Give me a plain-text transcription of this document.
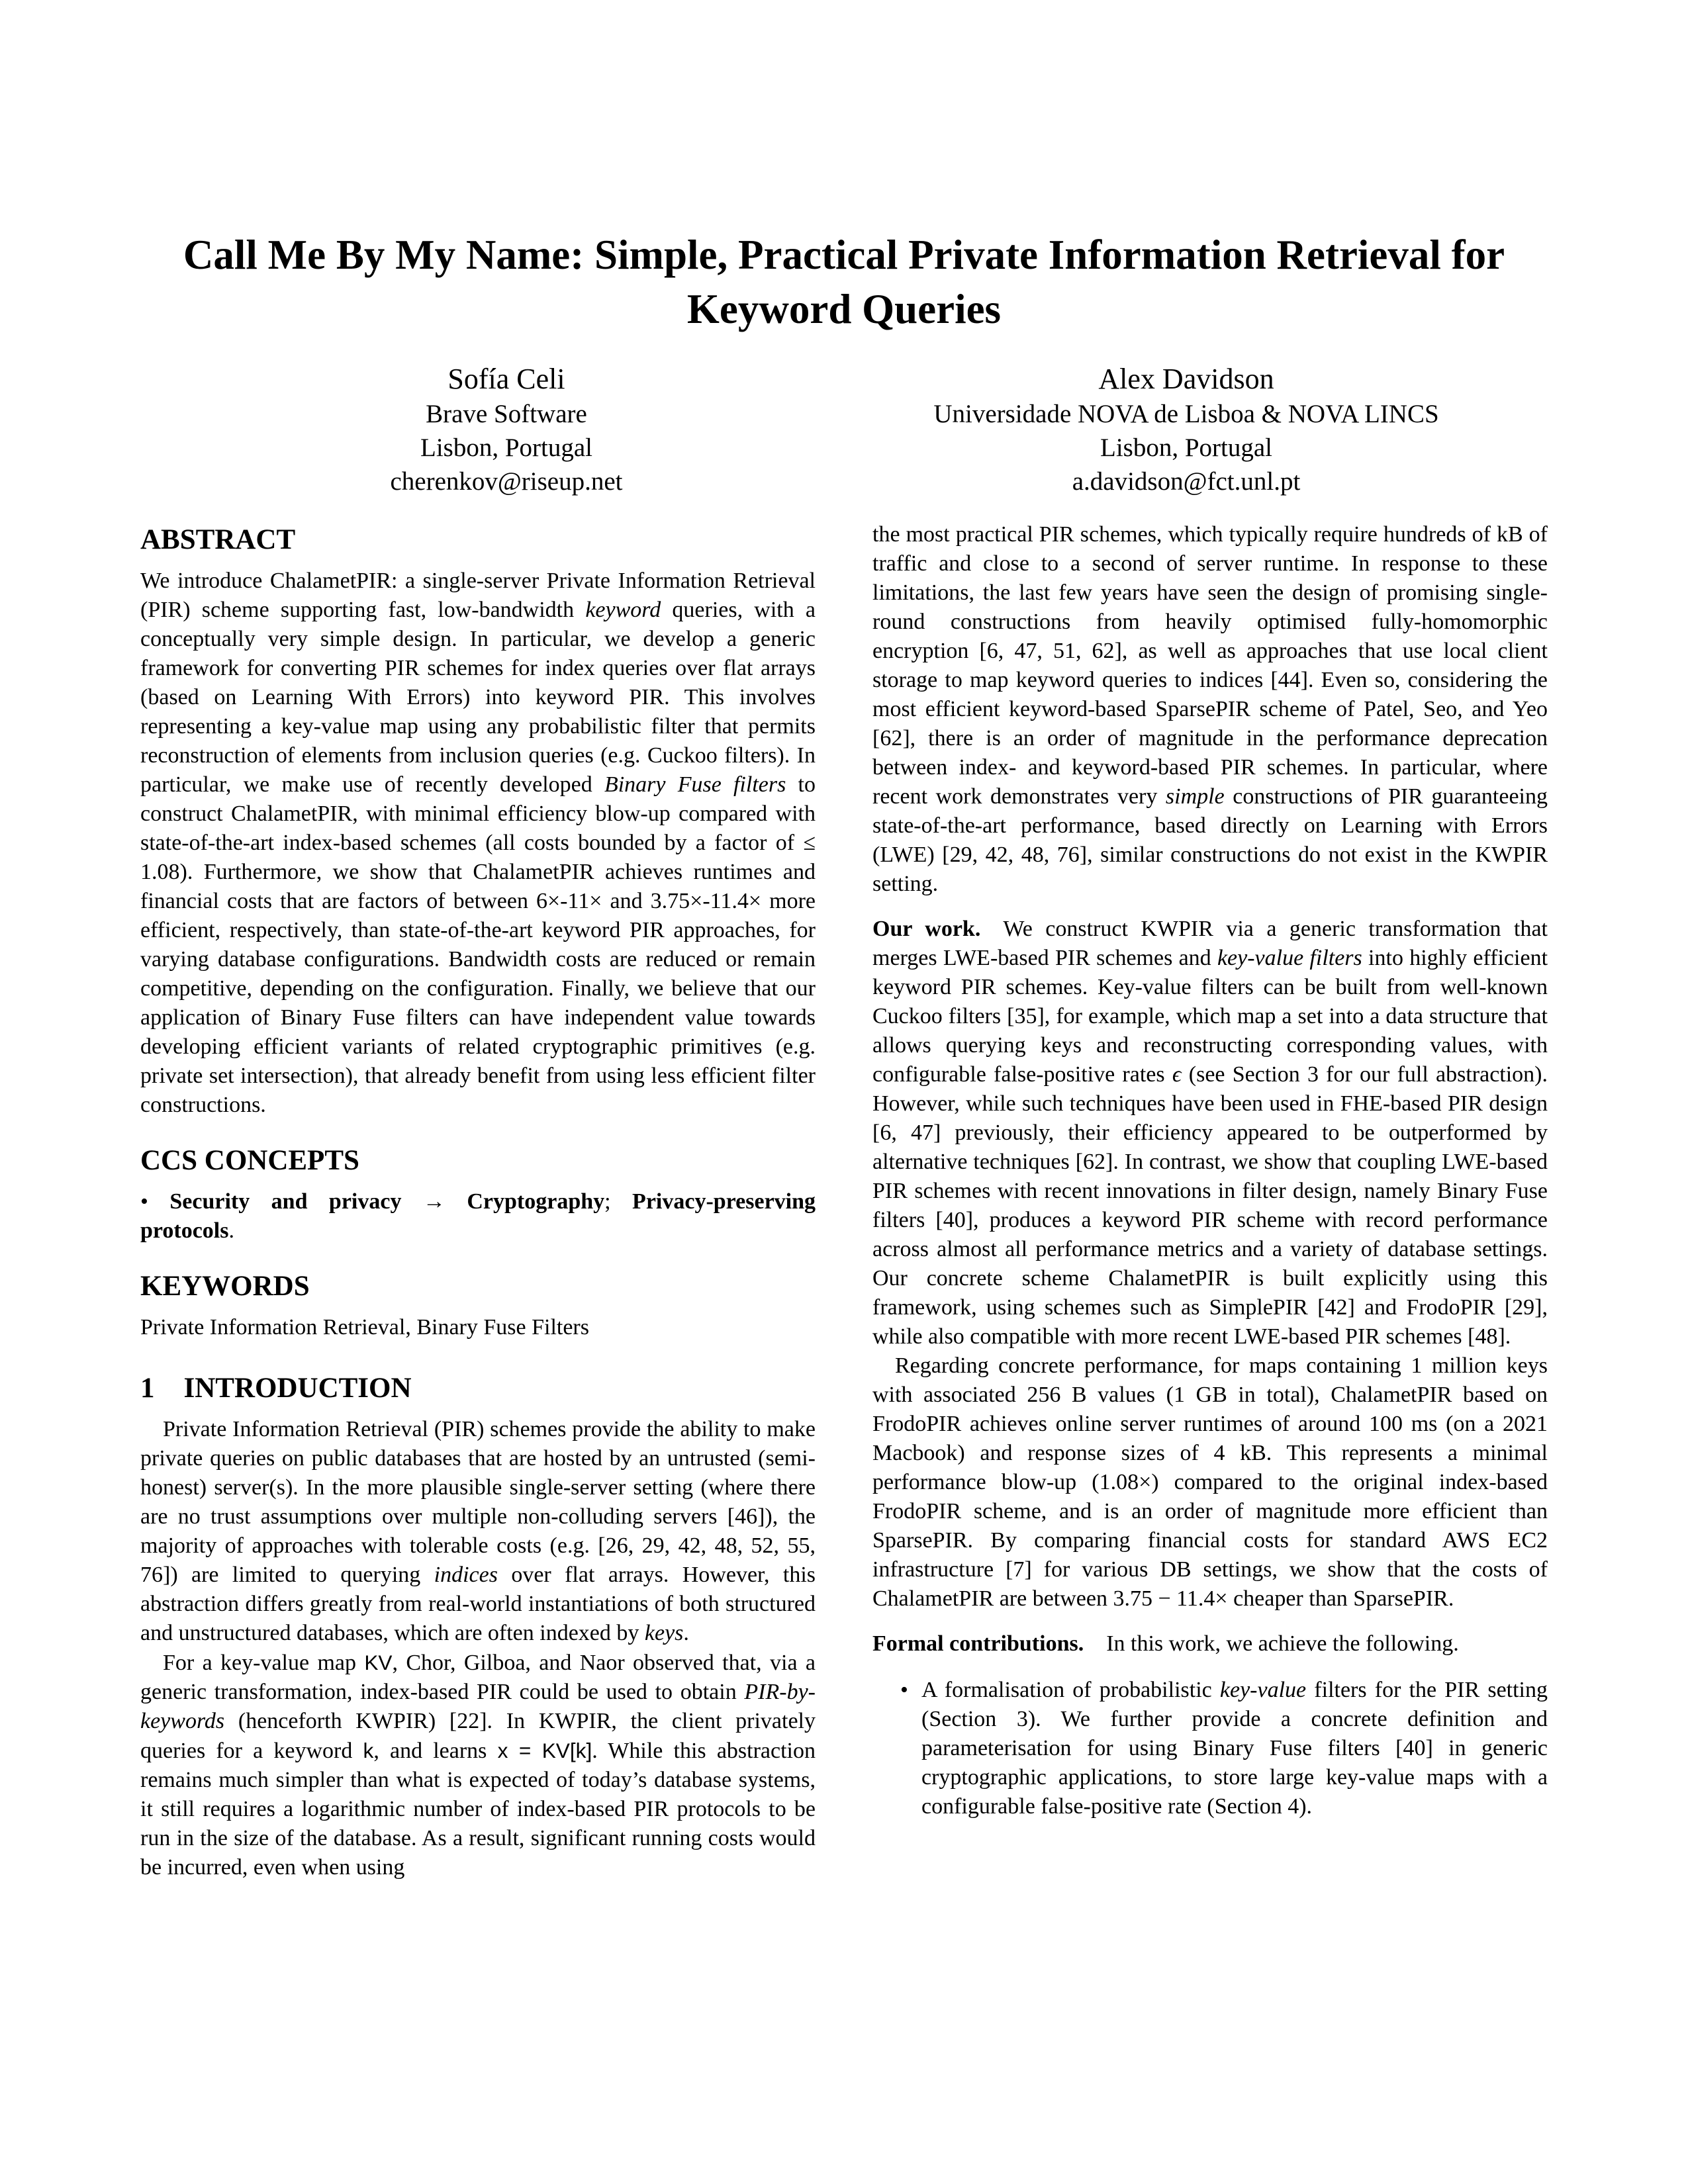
Call Me By My Name: Simple, Practical Private Information Retrieval for Keyword Queries
Sofía Celi
Brave Software
Lisbon, Portugal
cherenkov@riseup.net
Alex Davidson
Universidade NOVA de Lisboa & NOVA LINCS
Lisbon, Portugal
a.davidson@fct.unl.pt
ABSTRACT

We introduce ChalametPIR: a single-server Private Information Retrieval (PIR) scheme supporting fast, low-bandwidth keyword queries, with a conceptually very simple design. In particular, we develop a generic framework for converting PIR schemes for index queries over flat arrays (based on Learning With Errors) into keyword PIR. This involves representing a key-value map using any probabilistic filter that permits reconstruction of elements from inclusion queries (e.g. Cuckoo filters). In particular, we make use of recently developed Binary Fuse filters to construct ChalametPIR, with minimal efficiency blow-up compared with state-of-the-art index-based schemes (all costs bounded by a factor of ≤ 1.08). Furthermore, we show that ChalametPIR achieves runtimes and financial costs that are factors of between 6×-11× and 3.75×-11.4× more efficient, respectively, than state-of-the-art keyword PIR approaches, for varying database configurations. Bandwidth costs are reduced or remain competitive, depending on the configuration. Finally, we believe that our application of Binary Fuse filters can have independent value towards developing efficient variants of related cryptographic primitives (e.g. private set intersection), that already benefit from using less efficient filter constructions.

CCS CONCEPTS

• Security and privacy → Cryptography; Privacy-preserving protocols.

KEYWORDS

Private Information Retrieval, Binary Fuse Filters

1 INTRODUCTION

Private Information Retrieval (PIR) schemes provide the ability to make private queries on public databases that are hosted by an untrusted (semi-honest) server(s). In the more plausible single-server setting (where there are no trust assumptions over multiple non-colluding servers [46]), the majority of approaches with tolerable costs (e.g. [26, 29, 42, 48, 52, 55, 76]) are limited to querying indices over flat arrays. However, this abstraction differs greatly from real-world instantiations of both structured and unstructured databases, which are often indexed by keys.

For a key-value map KV, Chor, Gilboa, and Naor observed that, via a generic transformation, index-based PIR could be used to obtain PIR-by-keywords (henceforth KWPIR) [22]. In KWPIR, the client privately queries for a keyword k, and learns x = KV[k]. While this abstraction remains much simpler than what is expected of today’s database systems, it still requires a logarithmic number of index-based PIR protocols to be run in the size of the database. As a result, significant running costs would be incurred, even when using

the most practical PIR schemes, which typically require hundreds of kB of traffic and close to a second of server runtime. In response to these limitations, the last few years have seen the design of promising single-round constructions from heavily optimised fully-homomorphic encryption [6, 47, 51, 62], as well as approaches that use local client storage to map keyword queries to indices [44]. Even so, considering the most efficient keyword-based SparsePIR scheme of Patel, Seo, and Yeo [62], there is an order of magnitude in the performance deprecation between index- and keyword-based PIR schemes. In particular, where recent work demonstrates very simple constructions of PIR guaranteeing state-of-the-art performance, based directly on Learning with Errors (LWE) [29, 42, 48, 76], similar constructions do not exist in the KWPIR setting.

Our work. We construct KWPIR via a generic transformation that merges LWE-based PIR schemes and key-value filters into highly efficient keyword PIR schemes. Key-value filters can be built from well-known Cuckoo filters [35], for example, which map a set into a data structure that allows querying keys and reconstructing corresponding values, with configurable false-positive rates ϵ (see Section 3 for our full abstraction). However, while such techniques have been used in FHE-based PIR design [6, 47] previously, their efficiency appeared to be outperformed by alternative techniques [62]. In contrast, we show that coupling LWE-based PIR schemes with recent innovations in filter design, namely Binary Fuse filters [40], produces a keyword PIR scheme with record performance across almost all performance metrics and a variety of database settings. Our concrete scheme ChalametPIR is built explicitly using this framework, using schemes such as SimplePIR [42] and FrodoPIR [29], while also compatible with more recent LWE-based PIR schemes [48].

Regarding concrete performance, for maps containing 1 million keys with associated 256 B values (1 GB in total), ChalametPIR based on FrodoPIR achieves online server runtimes of around 100 ms (on a 2021 Macbook) and response sizes of 4 kB. This represents a minimal performance blow-up (1.08×) compared to the original index-based FrodoPIR scheme, and is an order of magnitude more efficient than SparsePIR. By comparing financial costs for standard AWS EC2 infrastructure [7] for various DB settings, we show that the costs of ChalametPIR are between 3.75 − 11.4× cheaper than SparsePIR.

Formal contributions. In this work, we achieve the following.

• A formalisation of probabilistic key-value filters for the PIR setting (Section 3). We further provide a concrete definition and parameterisation for using Binary Fuse filters [40] in generic cryptographic applications, to store large key-value maps with a configurable false-positive rate (Section 4).
